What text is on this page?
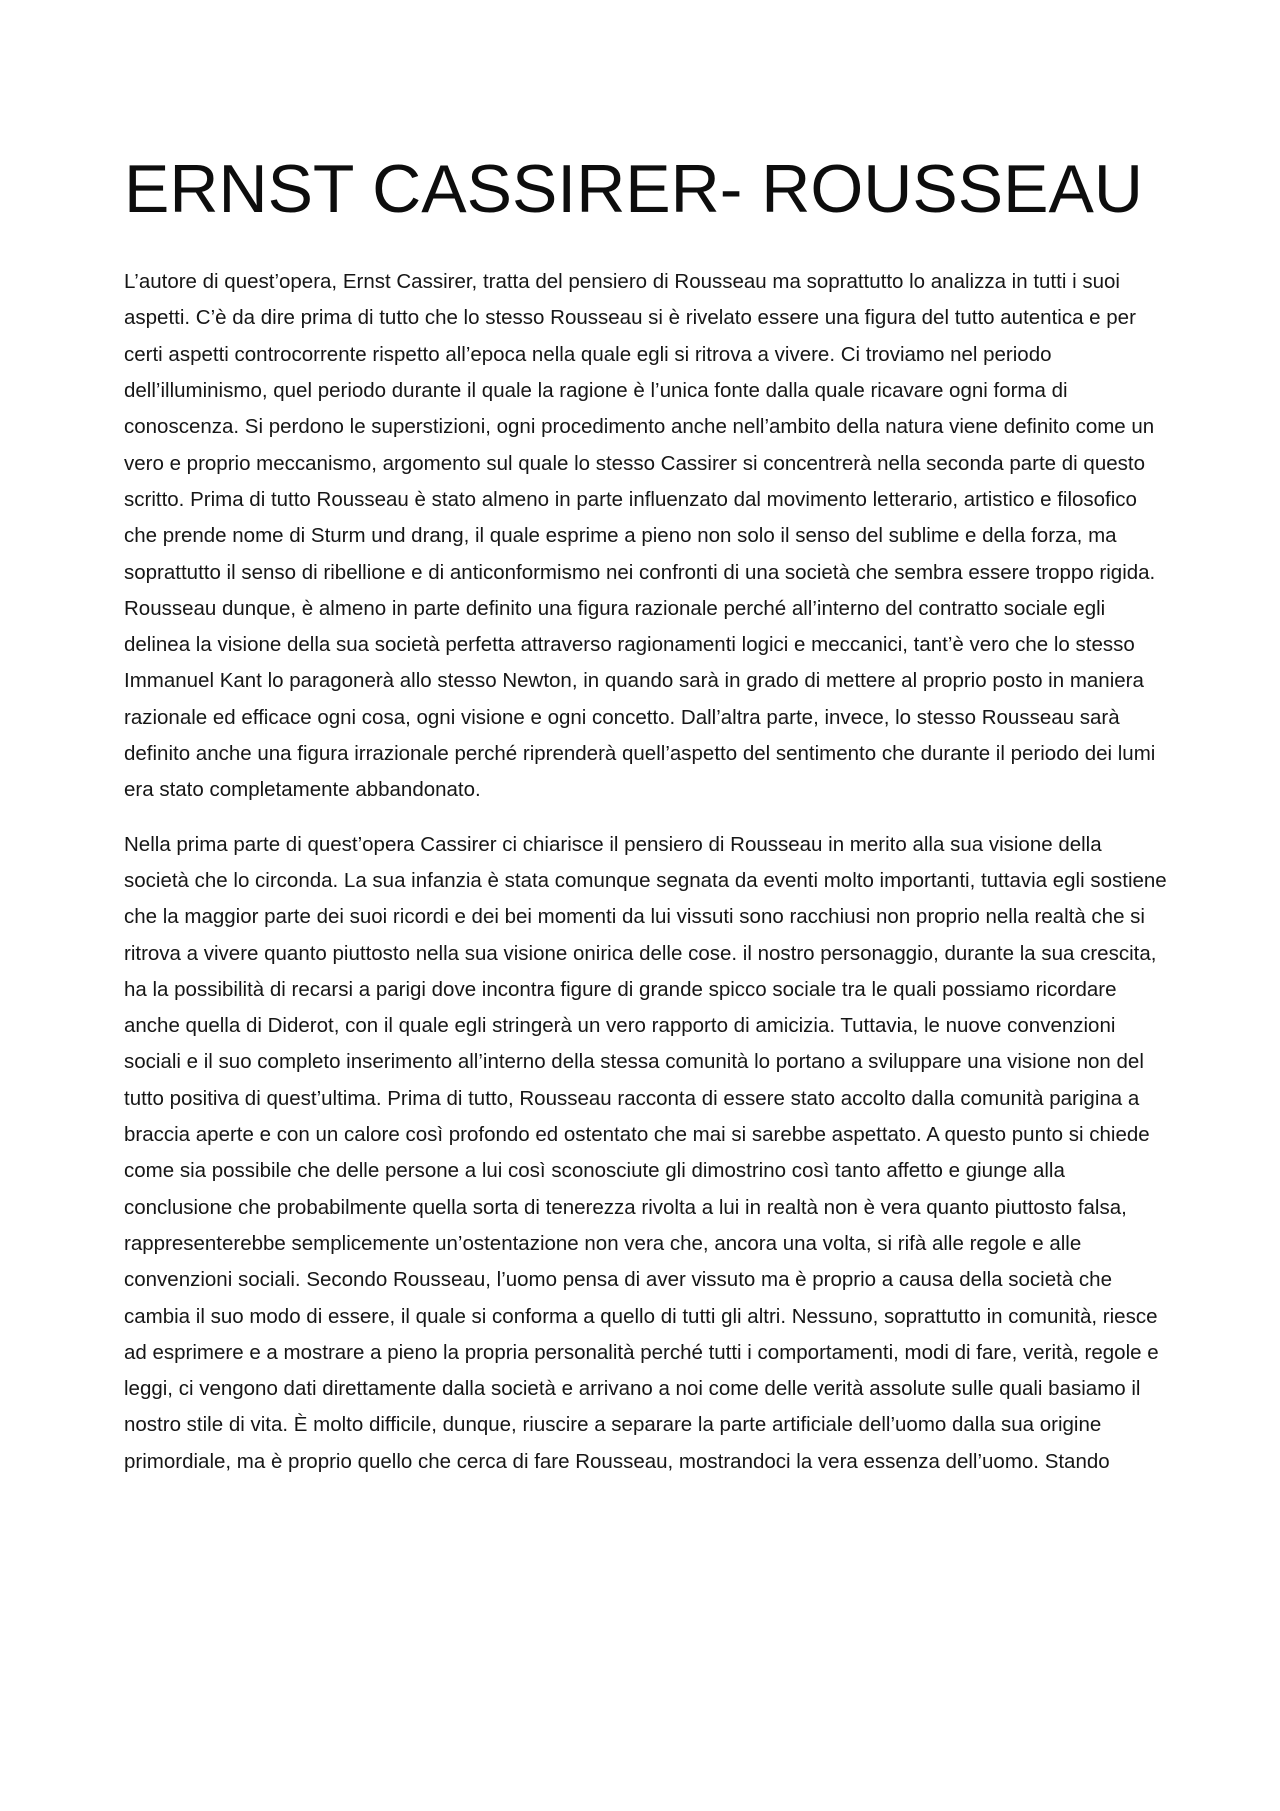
ERNST CASSIRER- ROUSSEAU

L’autore di quest’opera, Ernst Cassirer, tratta del pensiero di Rousseau ma soprattutto lo analizza in tutti i suoi aspetti. C’è da dire prima di tutto che lo stesso Rousseau si è rivelato essere una figura del tutto autentica e per certi aspetti controcorrente rispetto all’epoca nella quale egli si ritrova a vivere. Ci troviamo nel periodo dell’illuminismo, quel periodo durante il quale la ragione è l’unica fonte dalla quale ricavare ogni forma di conoscenza. Si perdono le superstizioni, ogni procedimento anche nell’ambito della natura viene definito come un vero e proprio meccanismo, argomento sul quale lo stesso Cassirer si concentrerà nella seconda parte di questo scritto. Prima di tutto Rousseau è stato almeno in parte influenzato dal movimento letterario, artistico e filosofico che prende nome di Sturm und drang, il quale esprime a pieno non solo il senso del sublime e della forza, ma soprattutto il senso di ribellione e di anticonformismo nei confronti di una società che sembra essere troppo rigida. Rousseau dunque, è almeno in parte definito una figura razionale perché all’interno del contratto sociale egli delinea la visione della sua società perfetta attraverso ragionamenti logici e meccanici, tant’è vero che lo stesso Immanuel Kant lo paragonerà allo stesso Newton, in quando sarà in grado di mettere al proprio posto in maniera razionale ed efficace ogni cosa, ogni visione e ogni concetto. Dall’altra parte, invece, lo stesso Rousseau sarà definito anche una figura irrazionale perché riprenderà quell’aspetto del sentimento che durante il periodo dei lumi era stato completamente abbandonato.

Nella prima parte di quest’opera Cassirer ci chiarisce il pensiero di Rousseau in merito alla sua visione della società che lo circonda. La sua infanzia è stata comunque segnata da eventi molto importanti, tuttavia egli sostiene che la maggior parte dei suoi ricordi e dei bei momenti da lui vissuti sono racchiusi non proprio nella realtà che si ritrova a vivere quanto piuttosto nella sua visione onirica delle cose. il nostro personaggio, durante la sua crescita, ha la possibilità di recarsi a parigi dove incontra figure di grande spicco sociale tra le quali possiamo ricordare anche quella di Diderot, con il quale egli stringerà un vero rapporto di amicizia. Tuttavia, le nuove convenzioni sociali e il suo completo inserimento all’interno della stessa comunità lo portano a sviluppare una visione non del tutto positiva di quest’ultima. Prima di tutto, Rousseau racconta di essere stato accolto dalla comunità parigina a braccia aperte e con un calore così profondo ed ostentato che mai si sarebbe aspettato. A questo punto si chiede come sia possibile che delle persone a lui così sconosciute gli dimostrino così tanto affetto e giunge alla conclusione che probabilmente quella sorta di tenerezza rivolta a lui in realtà non è vera quanto piuttosto falsa, rappresenterebbe semplicemente un’ostentazione non vera che, ancora una volta, si rifà alle regole e alle convenzioni sociali. Secondo Rousseau, l’uomo pensa di aver vissuto ma è proprio a causa della società che cambia il suo modo di essere, il quale si conforma a quello di tutti gli altri. Nessuno, soprattutto in comunità, riesce ad esprimere e a mostrare a pieno la propria personalità perché tutti i comportamenti, modi di fare, verità, regole e leggi, ci vengono dati direttamente dalla società e arrivano a noi come delle verità assolute sulle quali basiamo il nostro stile di vita. È molto difficile, dunque, riuscire a separare la parte artificiale dell’uomo dalla sua origine primordiale, ma è proprio quello che cerca di fare Rousseau, mostrandoci la vera essenza dell’uomo. Stando
